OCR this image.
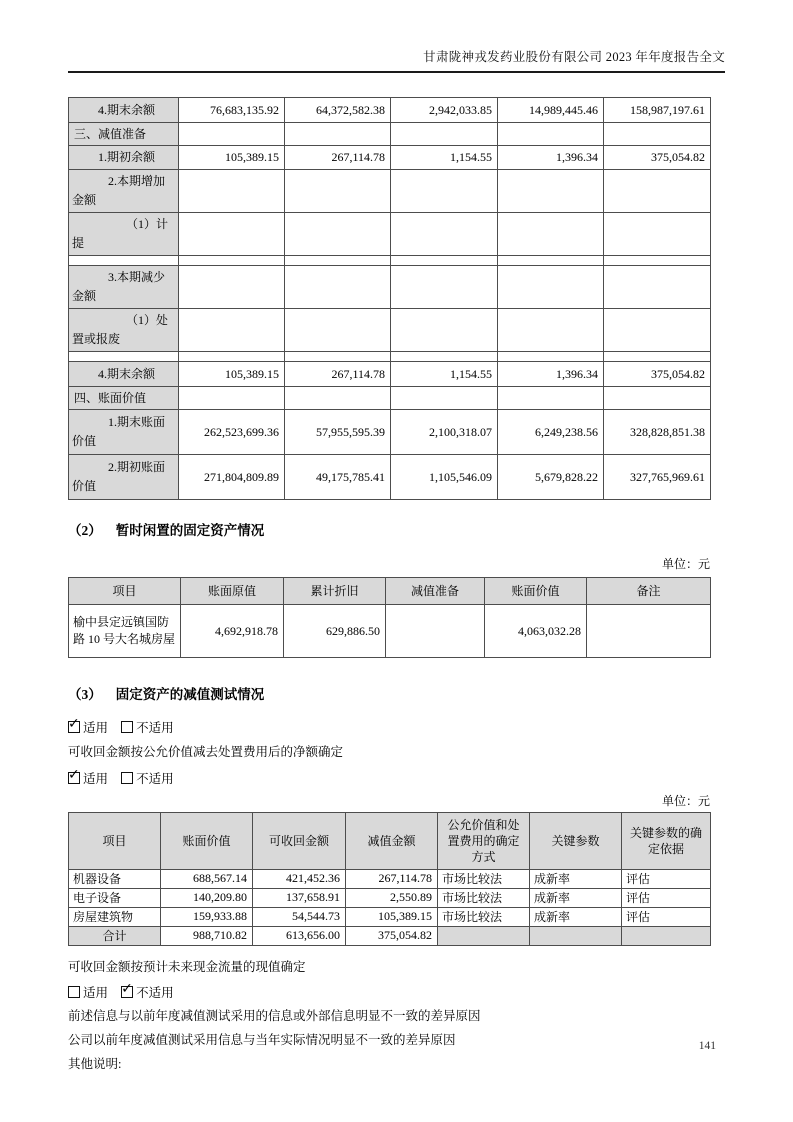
甘肃陇神戎发药业股份有限公司 2023 年年度报告全文
4.期末余额	76,683,135.92	64,372,582.38	2,942,033.85	14,989,445.46	158,987,197.61
三、减值准备					
1.期初余额	105,389.15	267,114.78	1,154.55	1,396.34	375,054.82
2.本期增加金额					
（1）计提					

3.本期减少金额					
（1）处置或报废					

4.期末余额	105,389.15	267,114.78	1,154.55	1,396.34	375,054.82
四、账面价值					
1.期末账面价值	262,523,699.36	57,955,595.39	2,100,318.07	6,249,238.56	328,828,851.38
2.期初账面价值	271,804,809.89	49,175,785.41	1,105,546.09	5,679,828.22	327,765,969.61
（2） 暂时闲置的固定资产情况
单位：元
项目	账面原值	累计折旧	减值准备	账面价值	备注
榆中县定远镇国防路 10 号大名城房屋	4,692,918.78	629,886.50		4,063,032.28	
（3） 固定资产的减值测试情况
✓适用 不适用
可收回金额按公允价值减去处置费用后的净额确定
✓适用 不适用
单位：元
项目	账面价值	可收回金额	减值金额	公允价值和处置费用的确定方式	关键参数	关键参数的确定依据
机器设备	688,567.14	421,452.36	267,114.78	市场比较法	成新率	评估
电子设备	140,209.80	137,658.91	2,550.89	市场比较法	成新率	评估
房屋建筑物	159,933.88	54,544.73	105,389.15	市场比较法	成新率	评估
合计	988,710.82	613,656.00	375,054.82			
可收回金额按预计未来现金流量的现值确定
适用 ✓ 不适用
前述信息与以前年度减值测试采用的信息或外部信息明显不一致的差异原因
公司以前年度减值测试采用信息与当年实际情况明显不一致的差异原因
其他说明:
141
